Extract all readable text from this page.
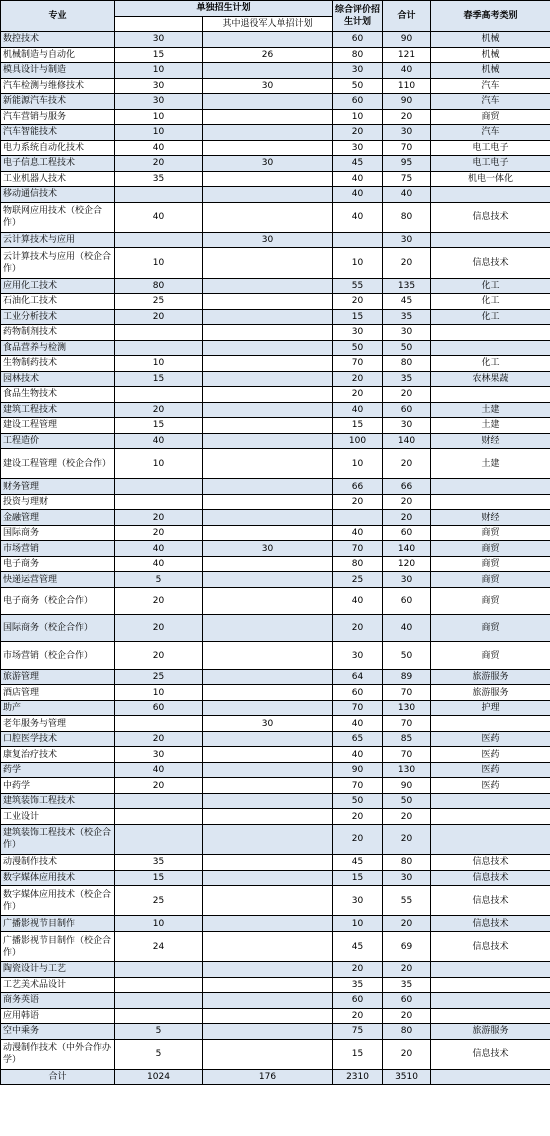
专业	单独招生计划		综合评价招生计划	合计	春季高考类别
		其中退役军人单招计划			
数控技术	30		60	90	机械
机械制造与自动化	15	26	80	121	机械
模具设计与制造	10		30	40	机械
汽车检测与维修技术	30	30	50	110	汽车
新能源汽车技术	30		60	90	汽车
汽车营销与服务	10		10	20	商贸
汽车智能技术	10		20	30	汽车
电力系统自动化技术	40		30	70	电工电子
电子信息工程技术	20	30	45	95	电工电子
工业机器人技术	35		40	75	机电一体化
移动通信技术			40	40	
物联网应用技术（校企合作）	40		40	80	信息技术
云计算技术与应用		30		30	
云计算技术与应用（校企合作）	10		10	20	信息技术
应用化工技术	80		55	135	化工
石油化工技术	25		20	45	化工
工业分析技术	20		15	35	化工
药物制剂技术			30	30	
食品营养与检测			50	50	
生物制药技术	10		70	80	化工
园林技术	15		20	35	农林果蔬
食品生物技术			20	20	
建筑工程技术	20		40	60	土建
建设工程管理	15		15	30	土建
工程造价	40		100	140	财经
建设工程管理（校企合作）	10		10	20	土建
财务管理			66	66	
投资与理财			20	20	
金融管理	20			20	财经
国际商务	20		40	60	商贸
市场营销	40	30	70	140	商贸
电子商务	40		80	120	商贸
快递运营管理	5		25	30	商贸
电子商务（校企合作）	20		40	60	商贸
国际商务（校企合作）	20		20	40	商贸
市场营销（校企合作）	20		30	50	商贸
旅游管理	25		64	89	旅游服务
酒店管理	10		60	70	旅游服务
助产	60		70	130	护理
老年服务与管理		30	40	70	
口腔医学技术	20		65	85	医药
康复治疗技术	30		40	70	医药
药学	40		90	130	医药
中药学	20		70	90	医药
建筑装饰工程技术			50	50	
工业设计			20	20	
建筑装饰工程技术（校企合作）			20	20	
动漫制作技术	35		45	80	信息技术
数字媒体应用技术	15		15	30	信息技术
数字媒体应用技术（校企合作）	25		30	55	信息技术
广播影视节目制作	10		10	20	信息技术
广播影视节目制作（校企合作）	24		45	69	信息技术
陶瓷设计与工艺			20	20	
工艺美术品设计			35	35	
商务英语			60	60	
应用韩语			20	20	
空中乘务	5		75	80	旅游服务
动漫制作技术（中外合作办学）	5		15	20	信息技术
合计	1024	176	2310	3510	
